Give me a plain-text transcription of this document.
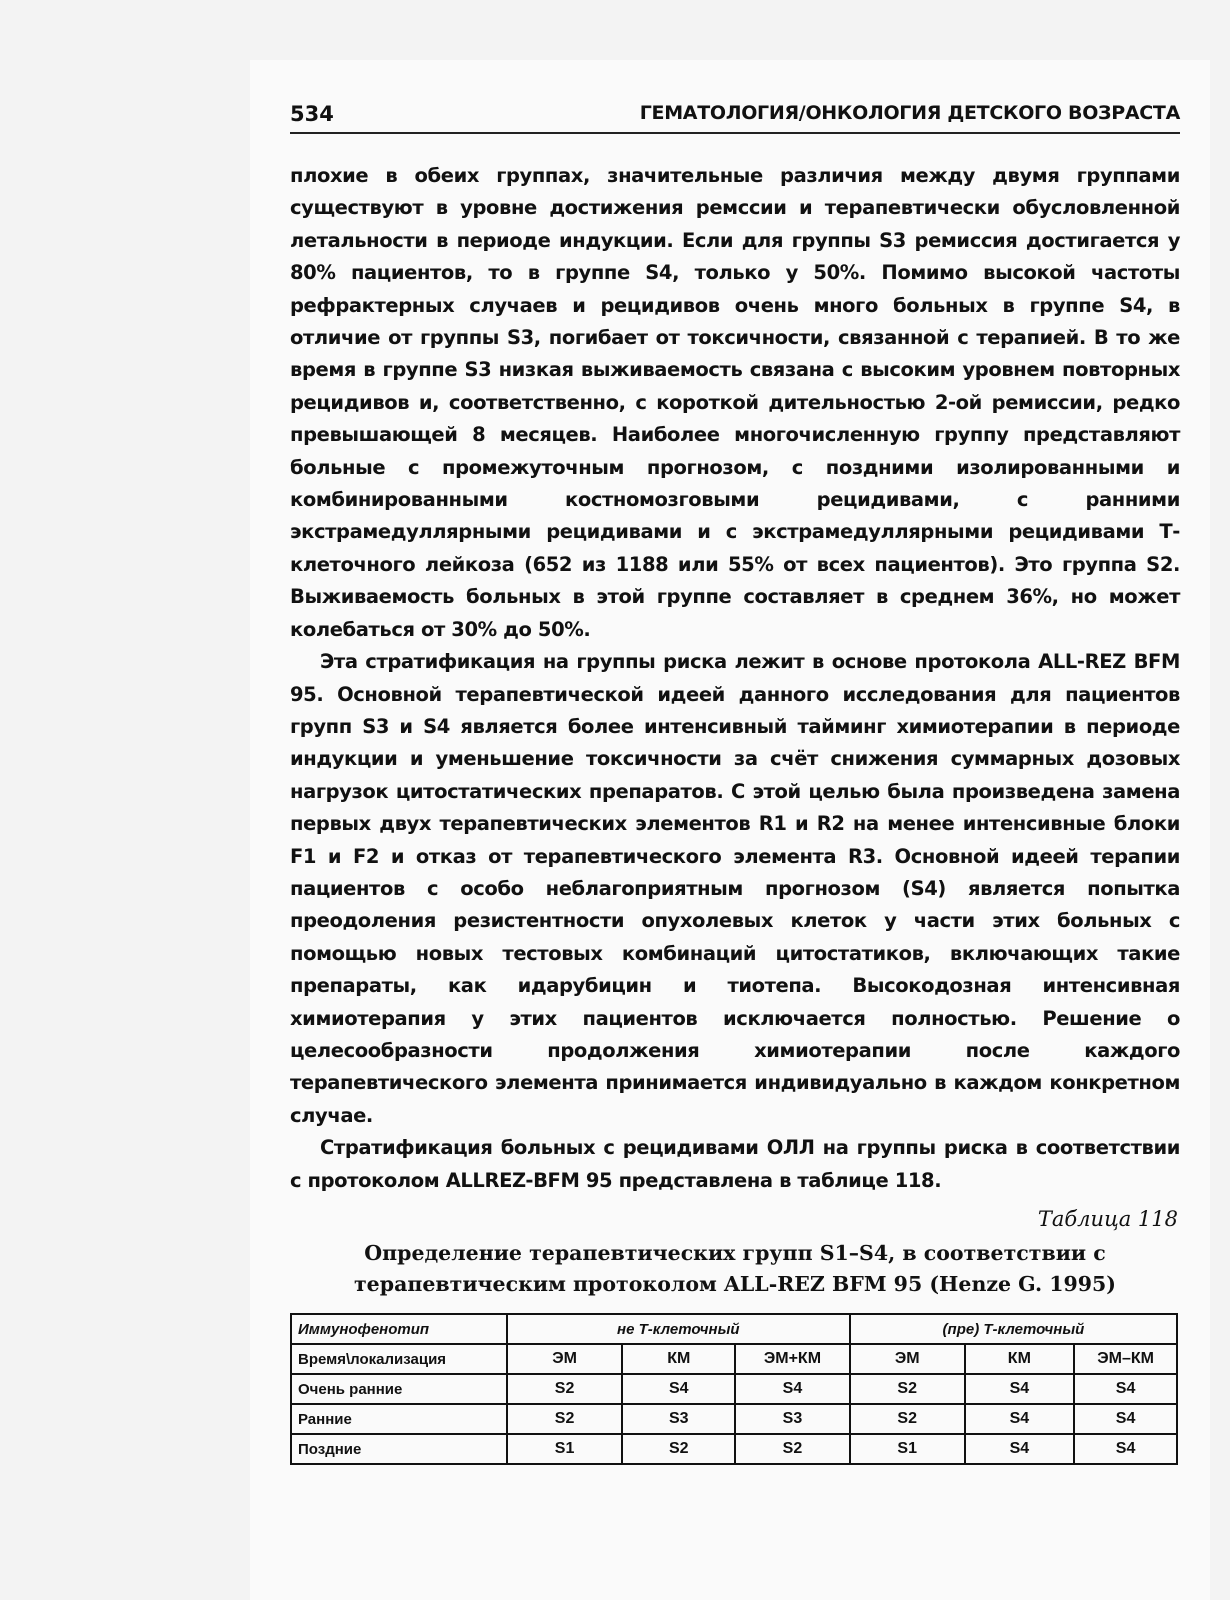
534	ГЕМАТОЛОГИЯ/ОНКОЛОГИЯ ДЕТСКОГО ВОЗРАСТА

плохие в обеих группах, значительные различия между двумя группами существуют в уровне достижения ремссии и терапевтически обусловленной летальности в периоде индукции. Если для группы S3 ремиссия достигается у 80% пациентов, то в группе S4, только у 50%. Помимо высокой частоты рефрактерных случаев и рецидивов очень много больных в группе S4, в отличие от группы S3, погибает от токсичности, связанной с терапией. В то же время в группе S3 низкая выживаемость связана с высоким уровнем повторных рецидивов и, соответственно, с короткой дительностью 2-ой ремиссии, редко превышающей 8 месяцев. Наиболее многочисленную группу представляют больные с промежуточным прогнозом, с поздними изолированными и комбинированными костномозговыми рецидивами, с ранними экстрамедуллярными рецидивами и с экстрамедуллярными рецидивами Т-клеточного лейкоза (652 из 1188 или 55% от всех пациентов). Это группа S2. Выживаемость больных в этой группе составляет в среднем 36%, но может колебаться от 30% до 50%.

Эта стратификация на группы риска лежит в основе протокола ALL-REZ BFM 95. Основной терапевтической идеей данного исследования для пациентов групп S3 и S4 является более интенсивный тайминг химиотерапии в периоде индукции и уменьшение токсичности за счёт снижения суммарных дозовых нагрузок цитостатических препаратов. С этой целью была произведена замена первых двух терапевтических элементов R1 и R2 на менее интенсивные блоки F1 и F2 и отказ от терапевтического элемента R3. Основной идеей терапии пациентов с особо неблагоприятным прогнозом (S4) является попытка преодоления резистентности опухолевых клеток у части этих больных с помощью новых тестовых комбинаций цитостатиков, включающих такие препараты, как идарубицин и тиотепа. Высокодозная интенсивная химиотерапия у этих пациентов исключается полностью. Решение о целесообразности продолжения химиотерапии после каждого терапевтического элемента принимается индивидуально в каждом конкретном случае.

Стратификация больных с рецидивами ОЛЛ на группы риска в соответствии с протоколом ALLREZ-BFM 95 представлена в таблице 118.

Таблица 118
Определение терапевтических групп S1–S4, в соответствии с
терапевтическим протоколом ALL-REZ BFM 95 (Henze G. 1995)
Иммунофенотип	не Т-клеточный			(пре) Т-клеточный		
Время\локализация	ЭМ	КМ	ЭМ+КМ	ЭМ	КМ	ЭМ–КМ
Очень ранние	S2	S4	S4	S2	S4	S4
Ранние	S2	S3	S3	S2	S4	S4
Поздние	S1	S2	S2	S1	S4	S4
